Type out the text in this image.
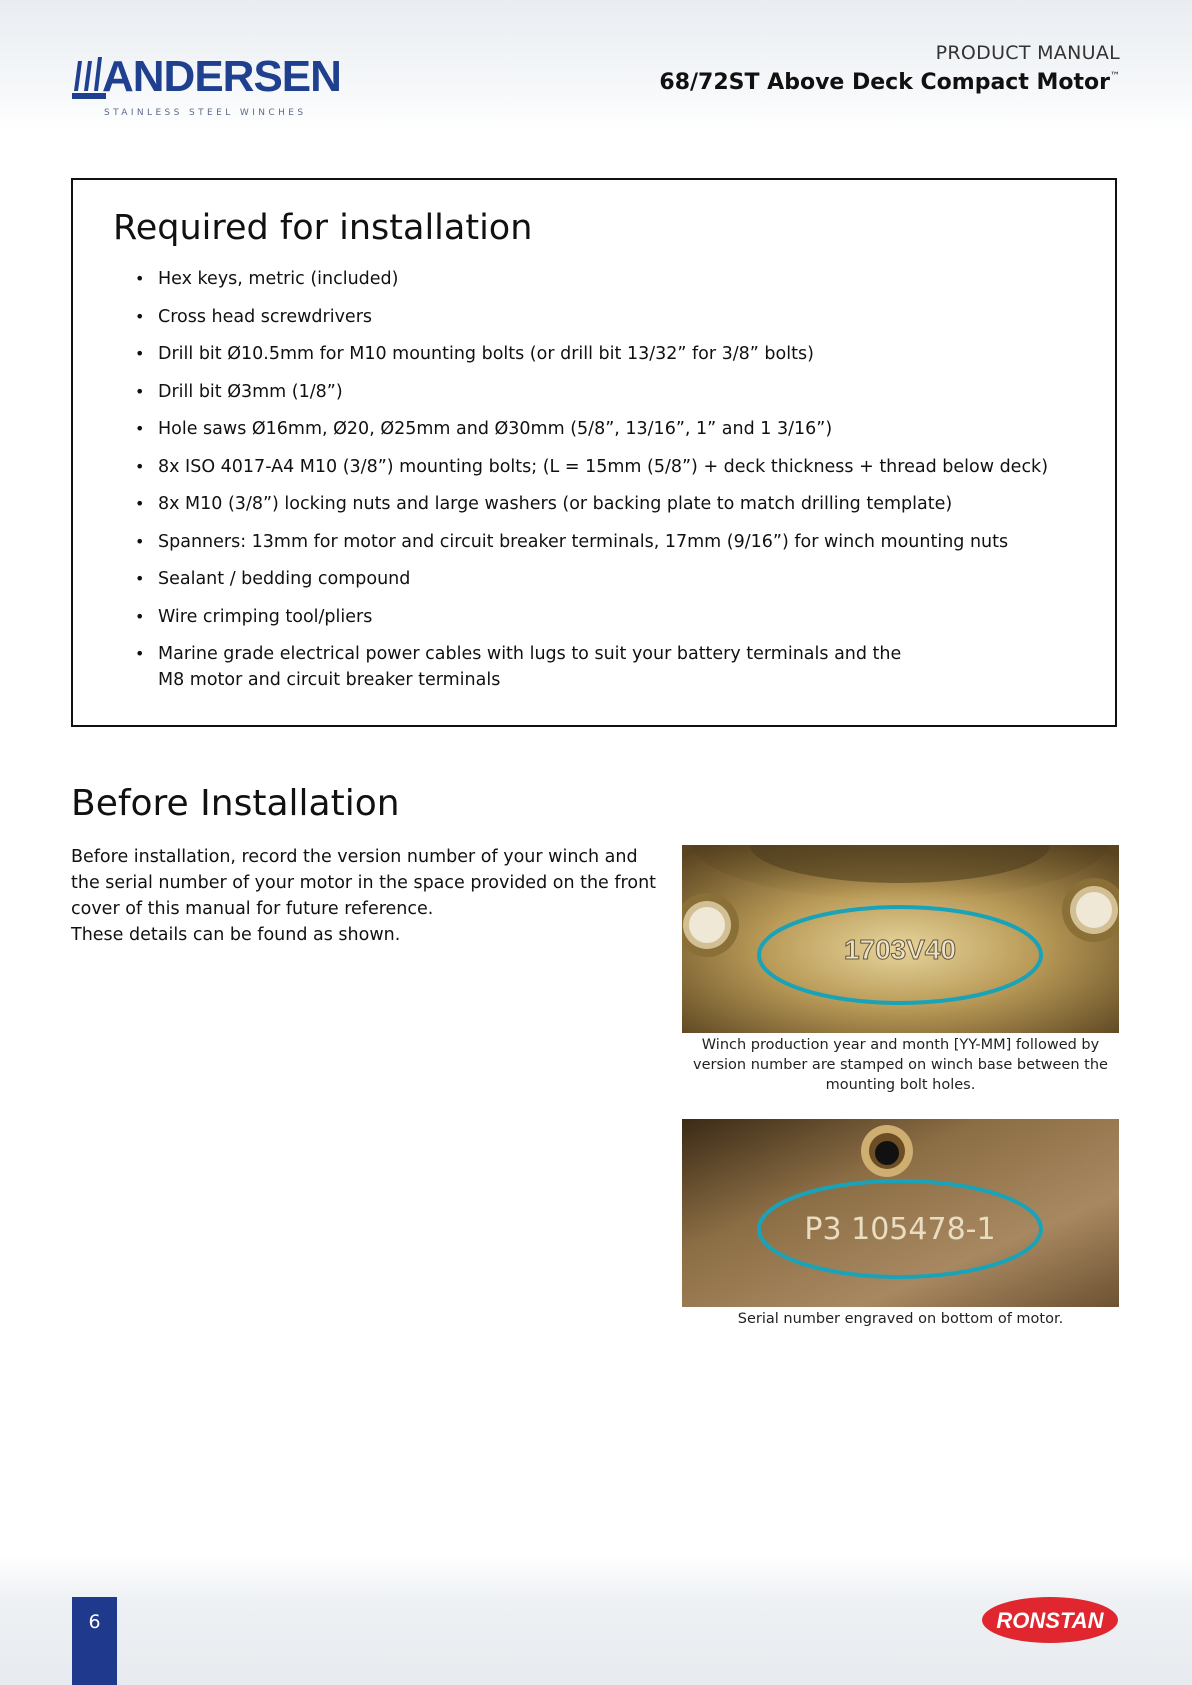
ANDERSEN
STAINLESS STEEL WINCHES
PRODUCT MANUAL
68/72ST Above Deck Compact Motor™
Required for installation
• Hex keys, metric (included)
• Cross head screwdrivers
• Drill bit Ø10.5mm for M10 mounting bolts (or drill bit 13/32” for 3/8” bolts)
• Drill bit Ø3mm (1/8”)
• Hole saws Ø16mm, Ø20, Ø25mm and Ø30mm (5/8”, 13/16”, 1” and 1 3/16”)
• 8x ISO 4017-A4 M10 (3/8”) mounting bolts; (L = 15mm (5/8”) + deck thickness + thread below deck)
• 8x M10 (3/8”) locking nuts and large washers (or backing plate to match drilling template)
• Spanners: 13mm for motor and circuit breaker terminals, 17mm (9/16”) for winch mounting nuts
• Sealant / bedding compound
• Wire crimping tool/pliers
• Marine grade electrical power cables with lugs to suit your battery terminals and the M8 motor and circuit breaker terminals
Before Installation

Before installation, record the version number of your winch and the serial number of your motor in the space provided on the front cover of this manual for future reference.
These details can be found as shown.	1703V40
Winch production year and month [YY-MM] followed by version number are stamped on winch base between the mounting bolt holes.
P3 105478-1
Serial number engraved on bottom of motor.
6	RONSTAN
